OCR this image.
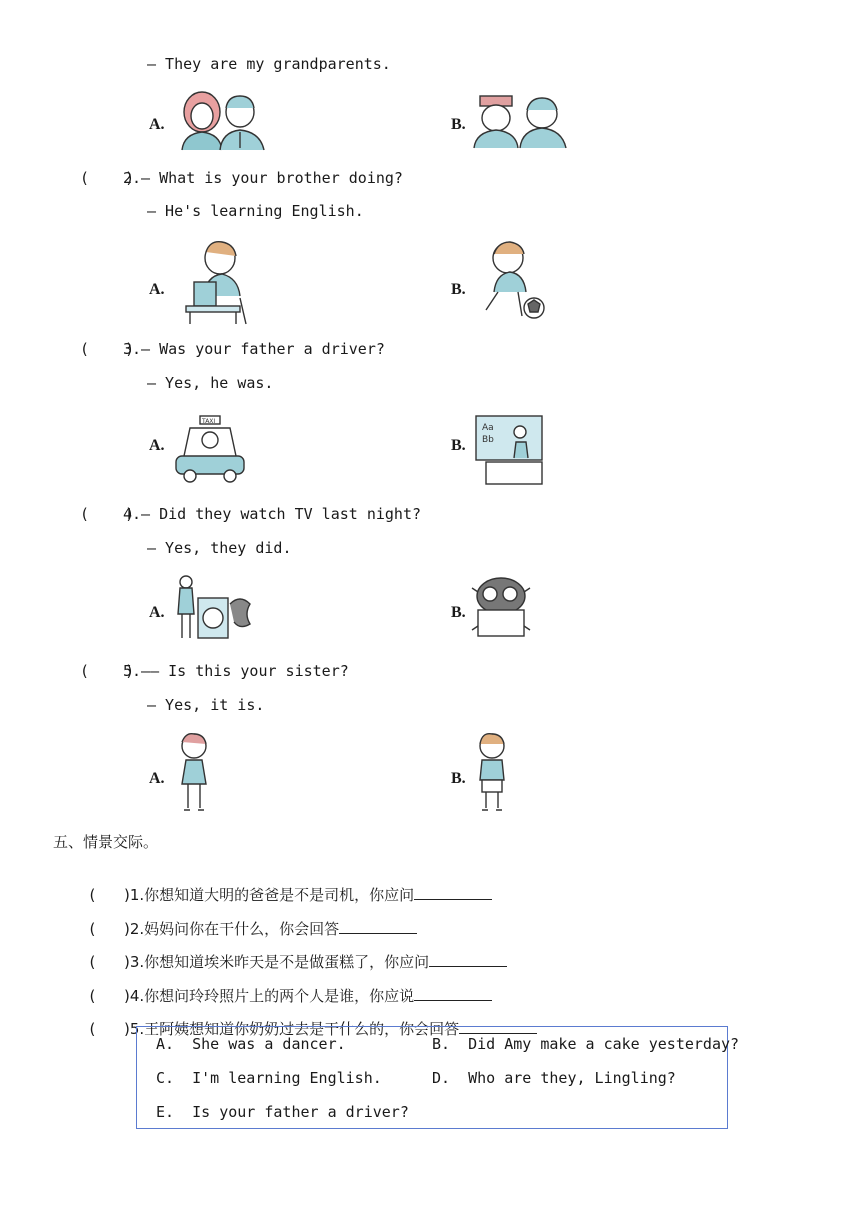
— They are my grandparents.
A.	B.
(    )
2.— What is your brother doing?
— He's learning English.
A.	B.
(    )
3.— Was your father a driver?
— Yes, he was.
A.
TAXI
B.
Aa
Bb
(    )
4.— Did they watch TV last night?
— Yes, they did.
A.	B.
(    )
5.—— Is this your sister?
— Yes, it is.
A.	B.
五、情景交际。

(      )1.你想知道大明的爸爸是不是司机，你应问

(      )2.妈妈问你在干什么，你会回答

(      )3.你想知道埃米昨天是不是做蛋糕了，你应问

(      )4.你想问玲玲照片上的两个人是谁，你应说

(      )5.王阿姨想知道你奶奶过去是干什么的，你会回答

A.  She was a dancer.	B.  Did Amy make a cake yesterday?
C.  I'm learning English.	D.  Who are they, Lingling?
E.  Is your father a driver?
